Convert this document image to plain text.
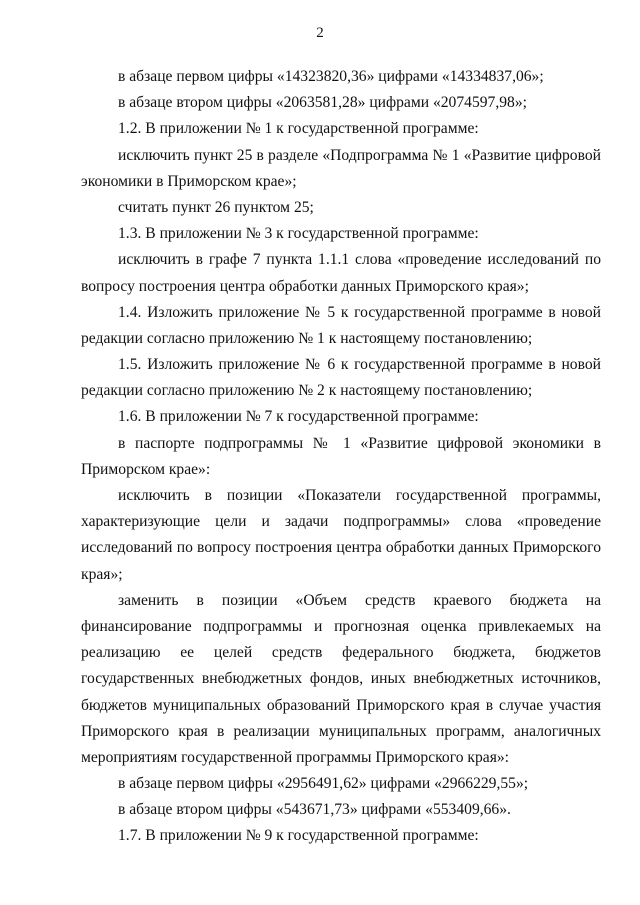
2
в абзаце первом цифры «14323820,36» цифрами «14334837,06»;
в абзаце втором цифры «2063581,28» цифрами «2074597,98»;
1.2. В приложении № 1 к государственной программе:
исключить пункт 25 в разделе «Подпрограмма № 1 «Развитие цифровой
экономики в Приморском крае»;
считать пункт 26 пунктом 25;
1.3. В приложении № 3 к государственной программе:
исключить в графе 7 пункта 1.1.1 слова «проведение исследований по
вопросу построения центра обработки данных Приморского края»;
1.4. Изложить приложение № 5 к государственной программе в новой
редакции согласно приложению № 1 к настоящему постановлению;
1.5. Изложить приложение № 6 к государственной программе в новой
редакции согласно приложению № 2 к настоящему постановлению;
1.6. В приложении № 7 к государственной программе:
в паспорте подпрограммы № 1 «Развитие цифровой экономики в
Приморском крае»:
исключить в позиции «Показатели государственной программы,
характеризующие цели и задачи подпрограммы» слова «проведение
исследований по вопросу построения центра обработки данных Приморского
края»;
заменить в позиции «Объем средств краевого бюджета на
финансирование подпрограммы и прогнозная оценка привлекаемых на
реализацию ее целей средств федерального бюджета, бюджетов
государственных внебюджетных фондов, иных внебюджетных источников,
бюджетов муниципальных образований Приморского края в случае участия
Приморского края в реализации муниципальных программ, аналогичных
мероприятиям государственной программы Приморского края»:
в абзаце первом цифры «2956491,62» цифрами «2966229,55»;
в абзаце втором цифры «543671,73» цифрами «553409,66».
1.7. В приложении № 9 к государственной программе:
